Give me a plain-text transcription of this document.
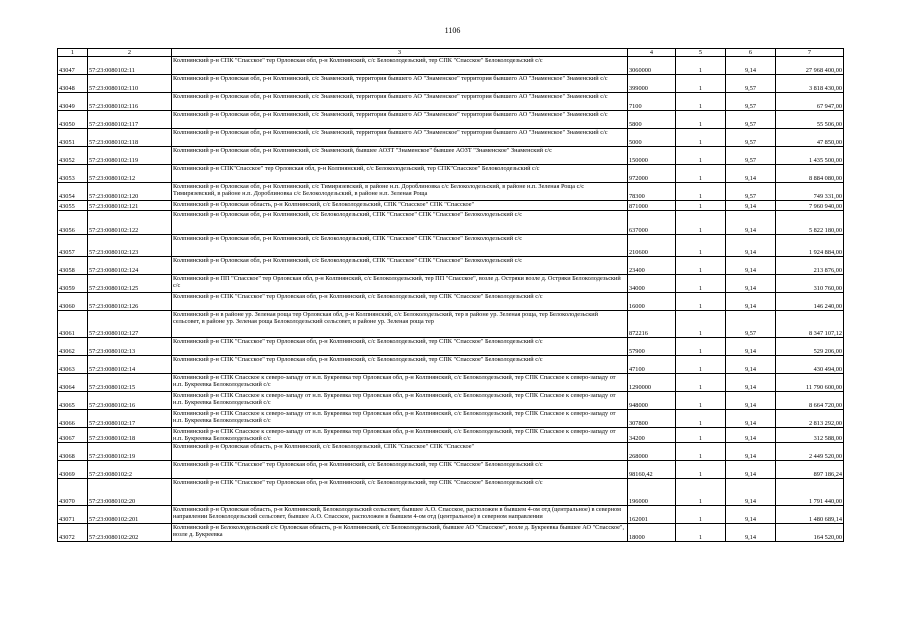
1106
1	2	3	4	5	6	7
43047	57:23:0080102:11	Колпнянский р-н СПК "Спасское" тер Орловская обл, р-н Колпнянский, с/с Белоколодезьский, тер СПК "Спасское" Белоколодезьский с/с	3060000	1	9,14	27 968 400,00
43048	57:23:0080102:110	Колпнянский р-н Орловская обл, р-н Колпнянский, с/с Знаменский, территория бывшего АО "Знаменское" территория бывшего АО "Знаменское" Знаменский с/с	399000	1	9,57	3 818 430,00
43049	57:23:0080102:116	Колпнянский р-н Орловская обл, р-н Колпнянский, с/с Знаменский, территория бывшего АО "Знаменское" территория бывшего АО "Знаменское" Знаменский с/с	7100	1	9,57	67 947,00
43050	57:23:0080102:117	Колпнянский р-н Орловская обл, р-н Колпнянский, с/с Знаменский, территория бывшего АО "Знаменское" территория бывшего АО "Знаменское" Знаменский с/с	5800	1	9,57	55 506,00
43051	57:23:0080102:118	Колпнянский р-н Орловская обл, р-н Колпнянский, с/с Знаменский, территория бывшего АО "Знаменское" территория бывшего АО "Знаменское" Знаменский с/с	5000	1	9,57	47 850,00
43052	57:23:0080102:119	Колпнянский р-н Орловская обл, р-н Колпнянский, с/с Знаменский, бывшее АОЗТ "Знаменское" бывшее АОЗТ "Знаменское" Знаменский с/с	150000	1	9,57	1 435 500,00
43053	57:23:0080102:12	Колпнянский р-н СПК"Спасское" тер Орловская обл, р-н Колпнянский, с/с Белоколодезьский, тер СПК"Спасское" Белоколодезьский с/с	972000	1	9,14	8 884 080,00
43054	57:23:0080102:120	Колпнянский р-н Орловская обл, р-н Колпнянский, с/с Тимирязевский, в районе н.п. Дороблиновка с/с Белоколодезьский, в районе н.п. Зеленая Роща с/с Тимирязевский, в районе н.п. Дороблиновка с/с Белоколодезьский, в районе н.п. Зеленая Роща	78300	1	9,57	749 331,00
43055	57:23:0080102:121	Колпнянский р-н Орловская область, р-н Колпнянский, с/с Белоколодезьский, СПК "Спасское" СПК "Спасское"	871000	1	9,14	7 960 940,00
43056	57:23:0080102:122	Колпнянский р-н Орловская обл, р-н Колпнянский, с/с Белоколодезьский, СПК "Спасское" СПК "Спасское" Белоколодезьский с/с	637000	1	9,14	5 822 180,00
43057	57:23:0080102:123	Колпнянский р-н Орловская обл, р-н Колпнянский, с/с Белоколодезьский, СПК "Спасское" СПК "Спасское" Белоколодезьский с/с	210600	1	9,14	1 924 884,00
43058	57:23:0080102:124	Колпнянский р-н Орловская обл, р-н Колпнянский, с/с Белоколодезьский, СПК "Спасское" СПК "Спасское" Белоколодезьский с/с	23400	1	9,14	213 876,00
43059	57:23:0080102:125	Колпнянский р-н ПП "Спасское" тер Орловская обл, р-н Колпнянский, с/с Белоколодезьский, тер ПП "Спасское", возле д. Остряки возле д. Остряки Белоколодезьский с/с	34000	1	9,14	310 760,00
43060	57:23:0080102:126	Колпнянский р-н СПК "Спасское" тер Орловская обл, р-н Колпнянский, с/с Белоколодезьский, тер СПК "Спасское" Белоколодезьский с/с	16000	1	9,14	146 240,00
43061	57:23:0080102:127	Колпнянский р-н в районе ур. Зеленая роща тер Орловская обл, р-н Колпнянский, с/с Белоколодезьский, тер в районе ур. Зеленая роща, тер Белоколодезьский сельсовет, в районе ур. Зеленая роща Белоколодезьский сельсовет, в районе ур. Зеленая роща тер	872216	1	9,57	8 347 107,12
43062	57:23:0080102:13	Колпнянский р-н СПК "Спасское" тер Орловская обл, р-н Колпнянский, с/с Белоколодезьский, тер СПК "Спасское" Белоколодезьский с/с	57900	1	9,14	529 206,00
43063	57:23:0080102:14	Колпнянский р-н СПК "Спасское" тер Орловская обл, р-н Колпнянский, с/с Белоколодезьский, тер СПК "Спасское" Белоколодезьский с/с	47100	1	9,14	430 494,00
43064	57:23:0080102:15	Колпнянский р-н СПК Спасское к северо-западу от н.п. Букреевка тер Орловская обл, р-н Колпнянский, с/с Белоколодезьский, тер СПК Спасское к северо-западу от н.п. Букреевка Белоколодезьский с/с	1290000	1	9,14	11 790 600,00
43065	57:23:0080102:16	Колпнянский р-н СПК Спасское к северо-западу от н.п. Букреевка тер Орловская обл, р-н Колпнянский, с/с Белоколодезьский, тер СПК Спасское к северо-западу от н.п. Букреевка Белоколодезьский с/с	948000	1	9,14	8 664 720,00
43066	57:23:0080102:17	Колпнянский р-н СПК Спасское к северо-западу от н.п. Букреевка тер Орловская обл, р-н Колпнянский, с/с Белоколодезьский, тер СПК Спасское к северо-западу от н.п. Букреевка Белоколодезьский с/с	307800	1	9,14	2 813 292,00
43067	57:23:0080102:18	Колпнянский р-н СПК Спасское к северо-западу от н.п. Букреевка тер Орловская обл, р-н Колпнянский, с/с Белоколодезьский, тер СПК Спасское к северо-западу от н.п. Букреевка Белоколодезьский с/с	34200	1	9,14	312 588,00
43068	57:23:0080102:19	Колпнянский р-н Орловская область, р-н Колпнянский, с/с Белоколодезьский, СПК "Спасское" СПК "Спасское"	268000	1	9,14	2 449 520,00
43069	57:23:0080102:2	Колпнянский р-н СПК "Спасское" тер Орловская обл, р-н Колпнянский, с/с Белоколодезьский, тер СПК "Спасское" Белоколодезьский с/с	98160,42	1	9,14	897 186,24
43070	57:23:0080102:20	Колпнянский р-н СПК "Спасское" тер Орловская обл, р-н Колпнянский, с/с Белоколодезьский, тер СПК "Спасское" Белоколодезьский с/с	196000	1	9,14	1 791 440,00
43071	57:23:0080102:201	Колпнянский р-н Орловская область, р-н Колпнянский, Белоколодезьский сельсовет, бывшее А.О. Спасское, расположен в бывшем 4-ом отд (центральное) в северном направлении Белоколодезьский сельсовет, бывшее А.О. Спасское, расположен в бывшем 4-ом отд (центральное) в северном направлении	162001	1	9,14	1 480 689,14
43072	57:23:0080102:202	Колпнянский р-н Белоколодезьский с/с Орловская область, р-н Колпнянский, с/с Белоколодезьский, бывшее АО "Спасское", возле д. Букреевка бывшее АО "Спасское", возле д. Букреевка	18000	1	9,14	164 520,00
